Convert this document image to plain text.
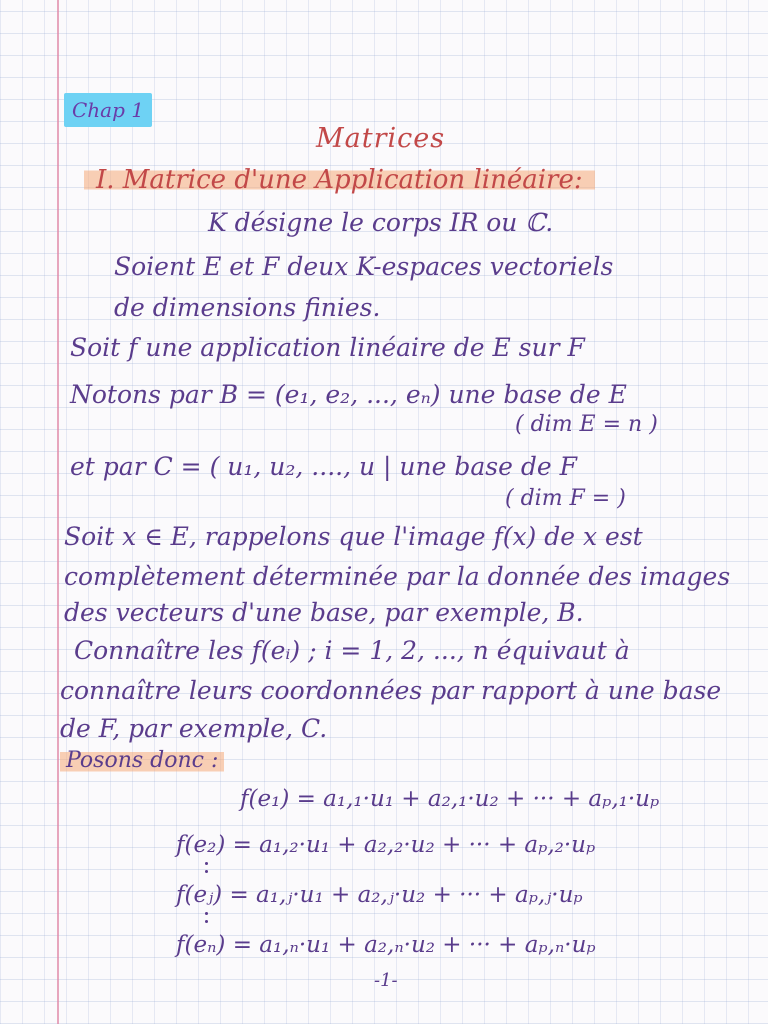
Chap 1
Matrices
I. Matrice d'une Application linéaire:
K désigne le corps IR ou ℂ.
Soient E et F deux K-espaces vectoriels
de dimensions finies.
Soit f une application linéaire de E sur F
Notons par B = (e₁, e₂, ..., eₙ) une base de E
( dim E = n )
et par C = ( u₁, u₂, ...., u | une base de F
( dim F = )
Soit x ∈ E, rappelons que l'image f(x) de x est
complètement déterminée par la donnée des images
des vecteurs d'une base, par exemple, B.
Connaître les f(eᵢ) ; i = 1, 2, ..., n équivaut à
connaître leurs coordonnées par rapport à une base
de F, par exemple, C.
Posons donc :
f(e₁) = a₁,₁·u₁ + a₂,₁·u₂ + ··· + aₚ,₁·uₚ
f(e₂) = a₁,₂·u₁ + a₂,₂·u₂ + ··· + aₚ,₂·uₚ
f(eⱼ) = a₁,ⱼ·u₁ + a₂,ⱼ·u₂ + ··· + aₚ,ⱼ·uₚ
f(eₙ) = a₁,ₙ·u₁ + a₂,ₙ·u₂ + ··· + aₚ,ₙ·uₚ
-1-
